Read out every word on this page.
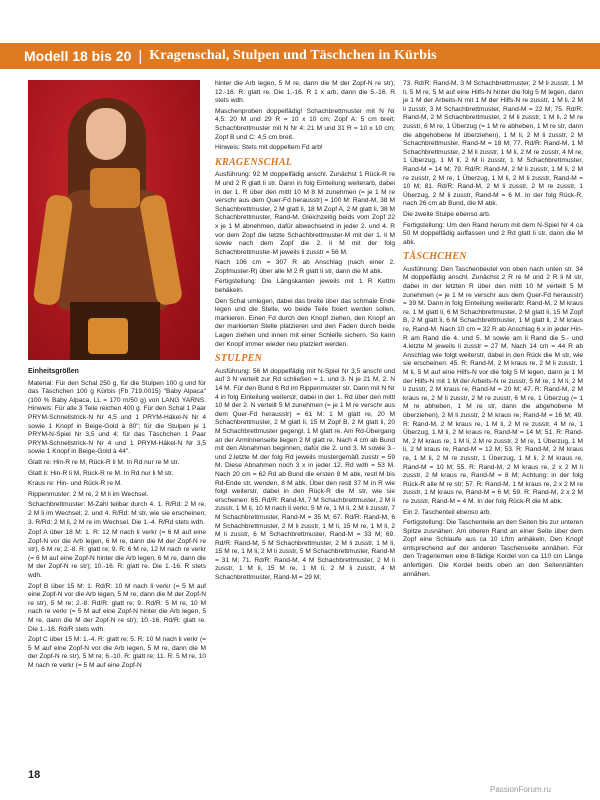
Modell 18 bis 20 | Kragenschal, Stulpen und Täschchen in Kürbis

Einheitsgrößen

Material: Für den Schal 250 g, für die Stulpen 100 g und für das Täschchen 100 g Kürbis (Fb 719.0015) "Baby Alpaca" (100 % Baby Alpaca, LL = 170 m/50 g) von LANG YARNS. Hinweis: Für alle 3 Teile reichen 400 g. Für den Schal 1 Paar PRYM-Schnellstrick-N Nr 4,5 und 1 PRYM-Häkel-N Nr 4 sowie 1 Knopf in Beige-Gold à 80"; für die Stulpen je 1 PRYM-N-Spiel Nr 3,5 und 4; für das Täschchen 1 Paar PRYM-Schnellstrick-N Nr 4 und 1 PRYM-Häkel-N Nr 3,5 sowie 1 Knopf in Beige-Gold à 44".

Glatt re: Hin-R re M, Rück-R li M. In Rd nur re M str.

Glatt li: Hin-R li M, Rück-R re M. In Rd nur li M str.

Kraus re: Hin- und Rück-R re M.

Rippenmuster: 2 M re, 2 M li im Wechsel.

Schachbrettmuster: M-Zahl teilbar durch 4. 1. R/Rd: 2 M re, 2 M li im Wechsel; 2. und 4. R/Rd: M str, wie sie erscheinen; 3. R/Rd: 2 M li, 2 M re im Wechsel. Die 1.-4. R/Rd stets wdh.

Zopf A über 18 M: 1. R: 12 M nach li verkr (= 6 M auf eine Zopf-N vor die Arb legen, 6 M re, dann die M der Zopf-N re str), 6 M re; 2.-8. R: glatt re; 9. R: 6 M re, 12 M nach re verkr (= 6 M auf eine Zopf-N hinter die Arb legen, 6 M re, dann die M der Zopf-N re str); 10.-16. R: glatt re. Die 1.-16. R stets wdh.

Zopf B über 15 M: 1. Rd/R: 10 M nach li verkr (= 5 M auf eine Zopf-N vor die Arb legen, 5 M re, dann die M der Zopf-N re str), 5 M re; 2.-8. Rd/R: glatt re; 9. Rd/R: 5 M re, 10 M nach re verkr (= 5 M auf eine Zopf-N hinter die Arb legen, 5 M re, dann die M der Zopf-N re str); 10.-16. Rd/R: glatt re. Die 1.-16. Rd/R stets wdh.

Zopf C über 15 M: 1.-4. R: glatt re; 5. R: 10 M nach li verkr (= 5 M auf eine Zopf-N vor die Arb legen, 5 M re, dann die M der Zopf-N re str), 5 M re; 6.-10. R: glatt re; 11. R: 5 M re, 10 M nach re verkr (= 5 M auf eine Zopf-N

hinter die Arb legen, 5 M re, dann die M der Zopf-N re str); 12.-16. R: glatt re. Die 1.-16. R 1 x arb, dann die 5.-16. R stets wdh.

Maschenproben doppelfädig! Schachbrettmuster mit N Nr 4,5: 20 M und 29 R = 10 x 10 cm; Zopf A: 5 cm breit; Schachbrettmuster mit N Nr 4: 21 M und 31 R = 10 x 10 cm; Zopf B und C: 4,5 cm breit.

Hinweis: Stets mit doppeltem Fd arb!

KRAGENSCHAL

Ausführung: 92 M doppelfädig anschl. Zunächst 1 Rück-R re M und 2 R glatt li str. Dann in folg Einteilung weiterarb, dabei in der 1. R über den mittl 10 M 8 M zunehmen (= je 1 M re verschr aus dem Quer-Fd herausstr) = 100 M: Rand-M, 38 M Schachbrettmuster, 2 M glatt li, 18 M Zopf A, 2 M glatt li, 38 M Schachbrettmuster, Rand-M. Gleichzeitig beids vom Zopf 22 x je 1 M abnehmen, dafür abwechselnd in jeder 2. und 4. R vor dem Zopf die letzte Schachbrettmuster-M mit der 1. li M sowie nach dem Zopf die 2. li M mit der folg Schachbrettmuster-M jeweils li zusstr = 56 M.

Nach 106 cm = 307 R ab Anschlag (nach einer 2. Zopfmuster-R) über alle M 2 R glatt li str, dann die M abk.

Fertigstellung: Die Längskanten jeweils mit 1 R Kettm behäkeln.

Den Schal umlegen, dabei das breite über das schmale Ende legen und die Stelle, wo beide Teile fixiert werden sollen, markieren. Einen Fd durch den Knopf ziehen, den Knopf an der markierten Stelle platzieren und den Faden durch beide Lagen ziehen und innen mit einer Schleife sichern. So kann der Knopf immer wieder neu platziert werden.

STULPEN

Ausführung: 56 M doppelfädig mit N-Spiel Nr 3,5 anschl und auf 3 N verteilt zur Rd schließen = 1. und 3. N je 21 M, 2. N 14 M. Für den Bund 6 Rd im Rippenmuster str. Dann mit N Nr 4 in folg Einteilung weiterstr, dabei in der 1. Rd über den mittl 10 M der 2. N verteilt 5 M zunehmen (= je 1 M re verschr aus dem Quer-Fd herausstr) = 61 M: 1 M glatt re, 20 M Schachbrettmuster, 2 M glatt li, 15 M Zopf B, 2 M glatt li, 20 M Schachbrettmuster gegengl, 1 M glatt re. Am Rd-Übergang an der Arminnenseite liegen 2 M glatt re. Nach 4 cm ab Bund mit den Abnahmen beginnen, dafür die 2. und 3. M sowie 3.- und 2.letzte M der folg Rd jeweils mustergemäß zusstr = 59 M. Diese Abnahmen noch 3 x in jeder 12. Rd wdh = 53 M. Nach 20 cm = 62 Rd ab Bund die ersten 8 M abk, restl M bis Rd-Ende str, wenden, 8 M abk. Über den restl 37 M in R wie folgt weiterstr, dabei in den Rück-R die M str, wie sie erscheinen: 65. Rd/R: Rand-M, 7 M Schachbrettmuster, 2 M li zusstr, 1 M li, 10 M nach li verkr, 5 M re, 1 M li, 2 M li zusstr, 7 M Schachbrettmuster, Rand-M = 35 M; 67. Rd/R: Rand-M, 6 M Schachbrettmuster, 2 M li zusstr, 1 M li, 15 M re, 1 M li, 2 M li zusstr, 6 M Schachbrettmuster, Rand-M = 33 M; 69. Rd/R: Rand-M, 5 M Schachbrettmuster, 2 M li zusstr, 1 M li, 15 M re, 1 M li, 2 M li zusstr, 5 M Schachbrettmuster, Rand-M = 31 M; 71. Rd/R: Rand-M, 4 M Schachbrettmuster, 2 M li zusstr, 1 M li, 15 M re, 1 M li, 2 M li zusstr, 4 M Schachbrettmuster, Rand-M = 29 M;

73. Rd/R: Rand-M, 3 M Schachbrettmuster, 2 M li zusstr, 1 M li, 5 M re, 5 M auf eine Hilfs-N hinter die folg 5 M legen, dann je 1 M der Arbeits-N mit 1 M der Hilfs-N re zusstr, 1 M li, 2 M li zusstr, 3 M Schachbrettmuster, Rand-M = 22 M; 75. Rd/R: Rand-M, 2 M Schachbrettmuster, 2 M li zusstr, 1 M li, 2 M re zusstr, 6 M re, 1 Überzug (= 1 M re abheben, 1 M re str, dann die abgehobene M überziehen), 1 M li, 2 M li zusstr, 2 M Schachbrettmuster, Rand-M = 18 M; 77. Rd/R: Rand-M, 1 M Schachbrettmuster, 2 M li zusstr, 1 M li, 2 M re zusstr, 4 M re, 1 Überzug, 1 M li, 2 M li zusstr, 1 M Schachbrettmuster, Rand-M = 14 M; 79. Rd/R: Rand-M, 2 M li zusstr, 1 M li, 2 M re zusstr, 2 M re, 1 Überzug, 1 M li, 2 M li zusstr, Rand-M = 10 M; 81. Rd/R: Rand-M, 2 M li zusstr, 2 M re zusstr, 1 Überzug, 2 M li zusstr, Rand-M = 6 M. In der folg Rück-R, nach 26 cm ab Bund, die M abk.

Die zweite Stulpe ebenso arb.

Fertigstellung: Um den Rand herum mit dem N-Spiel Nr 4 ca 50 M doppelfädig auffassen und 2 Rd glatt li str, dann die M abk.

TÄSCHCHEN

Ausführung: Den Taschenbeutel von oben nach unten str. 34 M doppelfädig anschl. Zunächst 2 R re M und 2 R li M str, dabei in der letzten R über den mittl 10 M verteilt 5 M zunehmen (= je 1 M re verschr aus dem Quer-Fd herausstr) = 39 M. Dann in folg Einteilung weiterarb: Rand-M, 2 M kraus re, 1 M glatt li, 6 M Schachbrettmuster, 2 M glatt li, 15 M Zopf B, 2 M glatt li, 6 M Schachbrettmuster, 1 M glatt li, 2 M kraus re, Rand-M. Nach 10 cm = 32 R ab Anschlag 6 x in jeder Hin-R am Rand die 4. und 5. M sowie am li Rand die 5.- und 4.letzte M jeweils li zusstr = 27 M. Nach 14 cm = 44 R ab Anschlag wie folgt weiterstr, dabei in den Rück die M str, wie sie erscheinen: 45. R: Rand-M, 2 M kraus re, 2 M li zusstr, 1 M li, 5 M auf eine Hilfs-N vor die folg 5 M legen, dann je 1 M der Hilfs-N mit 1 M der Arbeits-N re zusstr, 5 M re, 1 M li, 2 M li zusstr, 2 M kraus re, Rand-M = 20 M; 47. R: Rand-M, 2 M kraus re, 2 M li zusstr, 2 M re zusstr, 6 M re, 1 Überzug (= 1 M re abheben, 1 M re str, dann die abgehobene M überziehen), 2 M li zusstr, 2 M kraus re, Rand-M = 16 M; 49. R: Rand-M, 2 M kraus re, 1 M li, 2 M re zusstr, 4 M re, 1 Überzug, 1 M li, 2 M kraus re, Rand-M = 14 M; 51. R: Rand-M, 2 M kraus re, 1 M li, 2 M re zusstr, 2 M re, 1 Überzug, 1 M li, 2 M kraus re, Rand-M = 12 M; 53. R: Rand-M, 2 M kraus re, 1 M li, 2 M re zusstr, 1 Überzug, 1 M li, 2 M kraus re, Rand-M = 10 M; 55. R: Rand-M, 2 M kraus re, 2 x 2 M li zusstr, 2 M kraus re, Rand-M = 8 M; Achtung: in der folg Rück-R alle M re str; 57. R: Rand-M, 1 M kraus re, 2 x 2 M re zusstr, 1 M kraus re, Rand-M = 6 M; 59. R: Rand-M, 2 x 2 M re zusstr, Rand-M = 4 M. In der folg Rück-R die M abk.

Ein 2. Taschenteil ebenso arb.

Fertigstellung: Die Taschenteile an den Seiten bis zur unteren Spitze zusnähen. Am oberen Rand an einer Seite über dem Zopf eine Schlaufe aus ca 10 Lftm anhäkeln. Den Knopf entsprechend auf der anderen Taschenseite annähen. Für den Trageriemen eine 8-fädige Kordel von ca 110 cm Länge anfertigen. Die Kordel beids oben an den Seitennähten annähen.

18
PassionForum.ru
